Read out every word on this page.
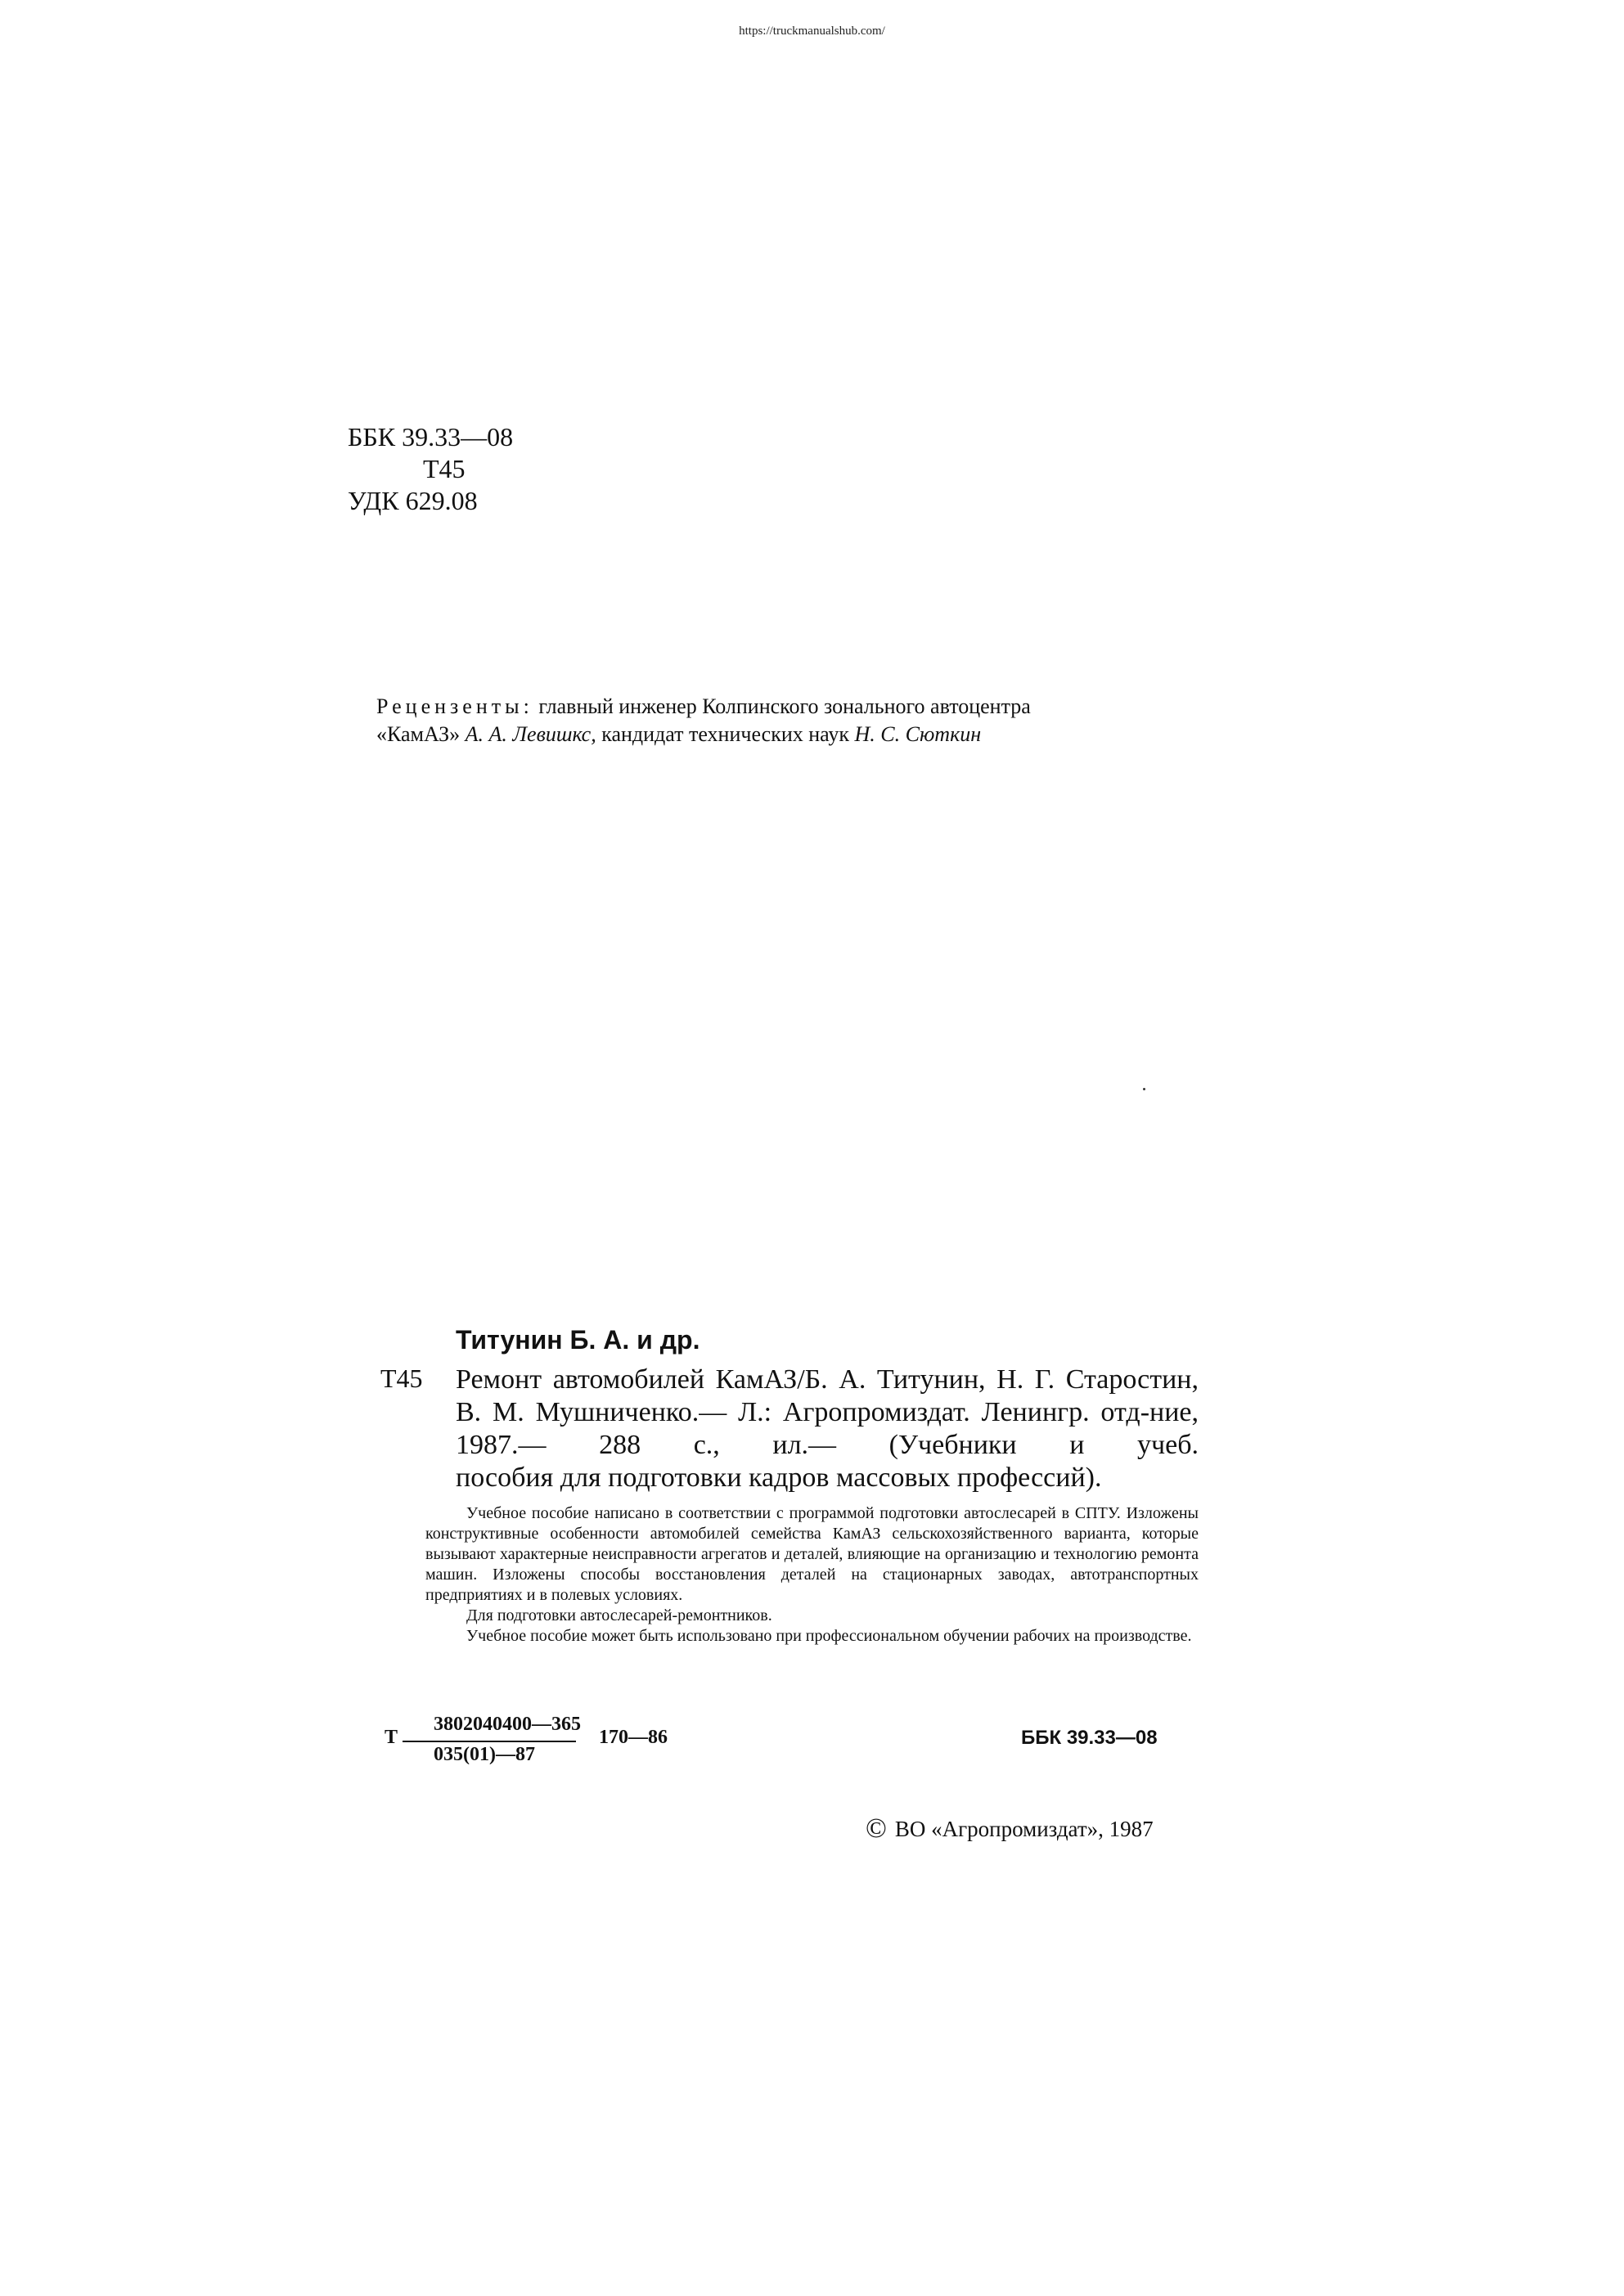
https://truckmanualshub.com/
ББК 39.33—08
Т45
УДК 629.08
Рецензенты: главный инженер Колпинского зонального автоцентра
«КамАЗ» А. А. Левишкс, кандидат технических наук Н. С. Сюткин
Титунин Б. А. и др.
Т45 Ремонт автомобилей КамАЗ/Б. А. Титунин, Н. Г. Старостин, В. М. Мушниченко.— Л.: Агропромиздат. Ленингр. отд-ние, 1987.— 288 с., ил.— (Учебники и учеб.
пособия для подготовки кадров массовых профессий).

Учебное пособие написано в соответствии с программой подготовки автослесарей в СПТУ. Изложены конструктивные особенности автомобилей семейства КамАЗ сельскохозяйственного варианта, которые вызывают характерные неисправности агрегатов и деталей, влияющие на организацию и технологию ремонта машин. Изложены способы восстановления деталей на стационарных заводах, автотранспортных предприятиях и в полевых условиях.

Для подготовки автослесарей-ремонтников.

Учебное пособие может быть использовано при профессиональном обучении рабочих на производстве.

Т
3802040400—365
035(01)—87
170—86	ББК 39.33—08
© ВО «Агропромиздат», 1987
